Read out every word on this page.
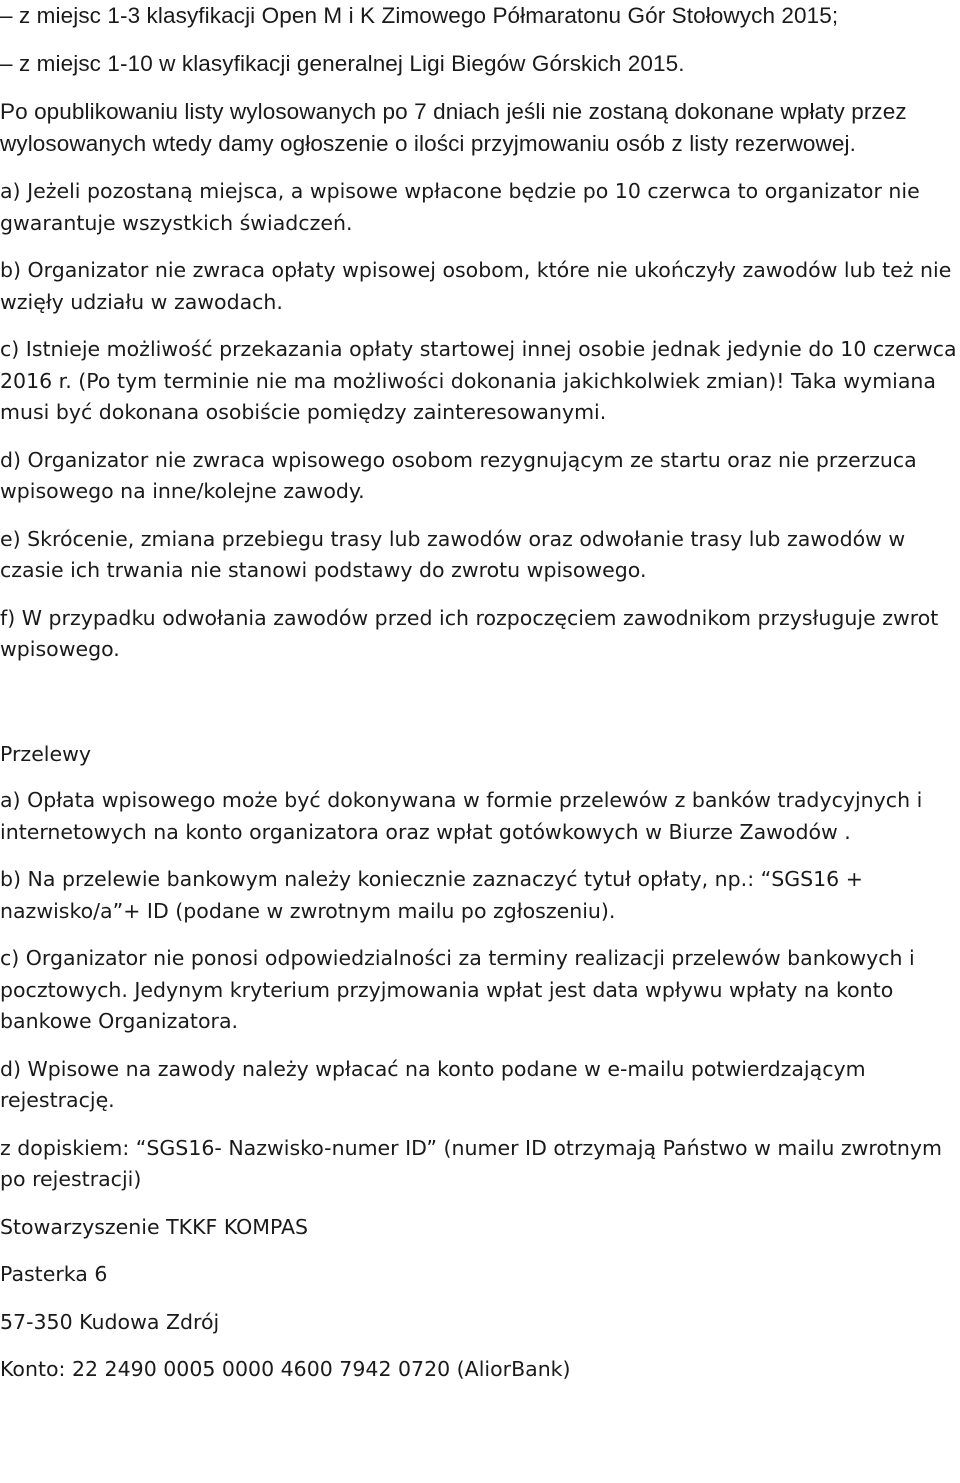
– z miejsc 1-3 klasyfikacji Open M i K Zimowego Półmaratonu Gór Stołowych 2015;

– z miejsc 1-10 w klasyfikacji generalnej Ligi Biegów Górskich 2015.

Po opublikowaniu listy wylosowanych po 7 dniach jeśli nie zostaną dokonane wpłaty przez wylosowanych wtedy damy ogłoszenie o ilości przyjmowaniu osób z listy rezerwowej.

a) Jeżeli pozostaną miejsca, a wpisowe wpłacone będzie po 10 czerwca to organizator nie gwarantuje wszystkich świadczeń.

b) Organizator nie zwraca opłaty wpisowej osobom, które nie ukończyły zawodów lub też nie wzięły udziału w zawodach.

c) Istnieje możliwość przekazania opłaty startowej innej osobie jednak jedynie do 10 czerwca 2016 r. (Po tym terminie nie ma możliwości dokonania jakichkolwiek zmian)! Taka wymiana musi być dokonana osobiście pomiędzy zainteresowanymi.

d) Organizator nie zwraca wpisowego osobom rezygnującym ze startu oraz nie przerzuca wpisowego na inne/kolejne zawody.

e) Skrócenie, zmiana przebiegu trasy lub zawodów oraz odwołanie trasy lub zawodów w czasie ich trwania nie stanowi podstawy do zwrotu wpisowego.

f) W przypadku odwołania zawodów przed ich rozpoczęciem zawodnikom przysługuje zwrot wpisowego.

Przelewy

a) Opłata wpisowego może być dokonywana w formie przelewów z banków tradycyjnych i internetowych na konto organizatora oraz wpłat gotówkowych w Biurze Zawodów .

b) Na przelewie bankowym należy koniecznie zaznaczyć tytuł opłaty, np.: “SGS16 + nazwisko/a”+ ID (podane w zwrotnym mailu po zgłoszeniu).

c) Organizator nie ponosi odpowiedzialności za terminy realizacji przelewów bankowych i pocztowych. Jedynym kryterium przyjmowania wpłat jest data wpływu wpłaty na konto bankowe Organizatora.

d) Wpisowe na zawody należy wpłacać na konto podane w e-mailu potwierdzającym rejestrację.

z dopiskiem: “SGS16- Nazwisko-numer ID” (numer ID otrzymają Państwo w mailu zwrotnym po rejestracji)

Stowarzyszenie TKKF KOMPAS

Pasterka 6

57-350 Kudowa Zdrój

Konto: 22 2490 0005 0000 4600 7942 0720 (AliorBank)
